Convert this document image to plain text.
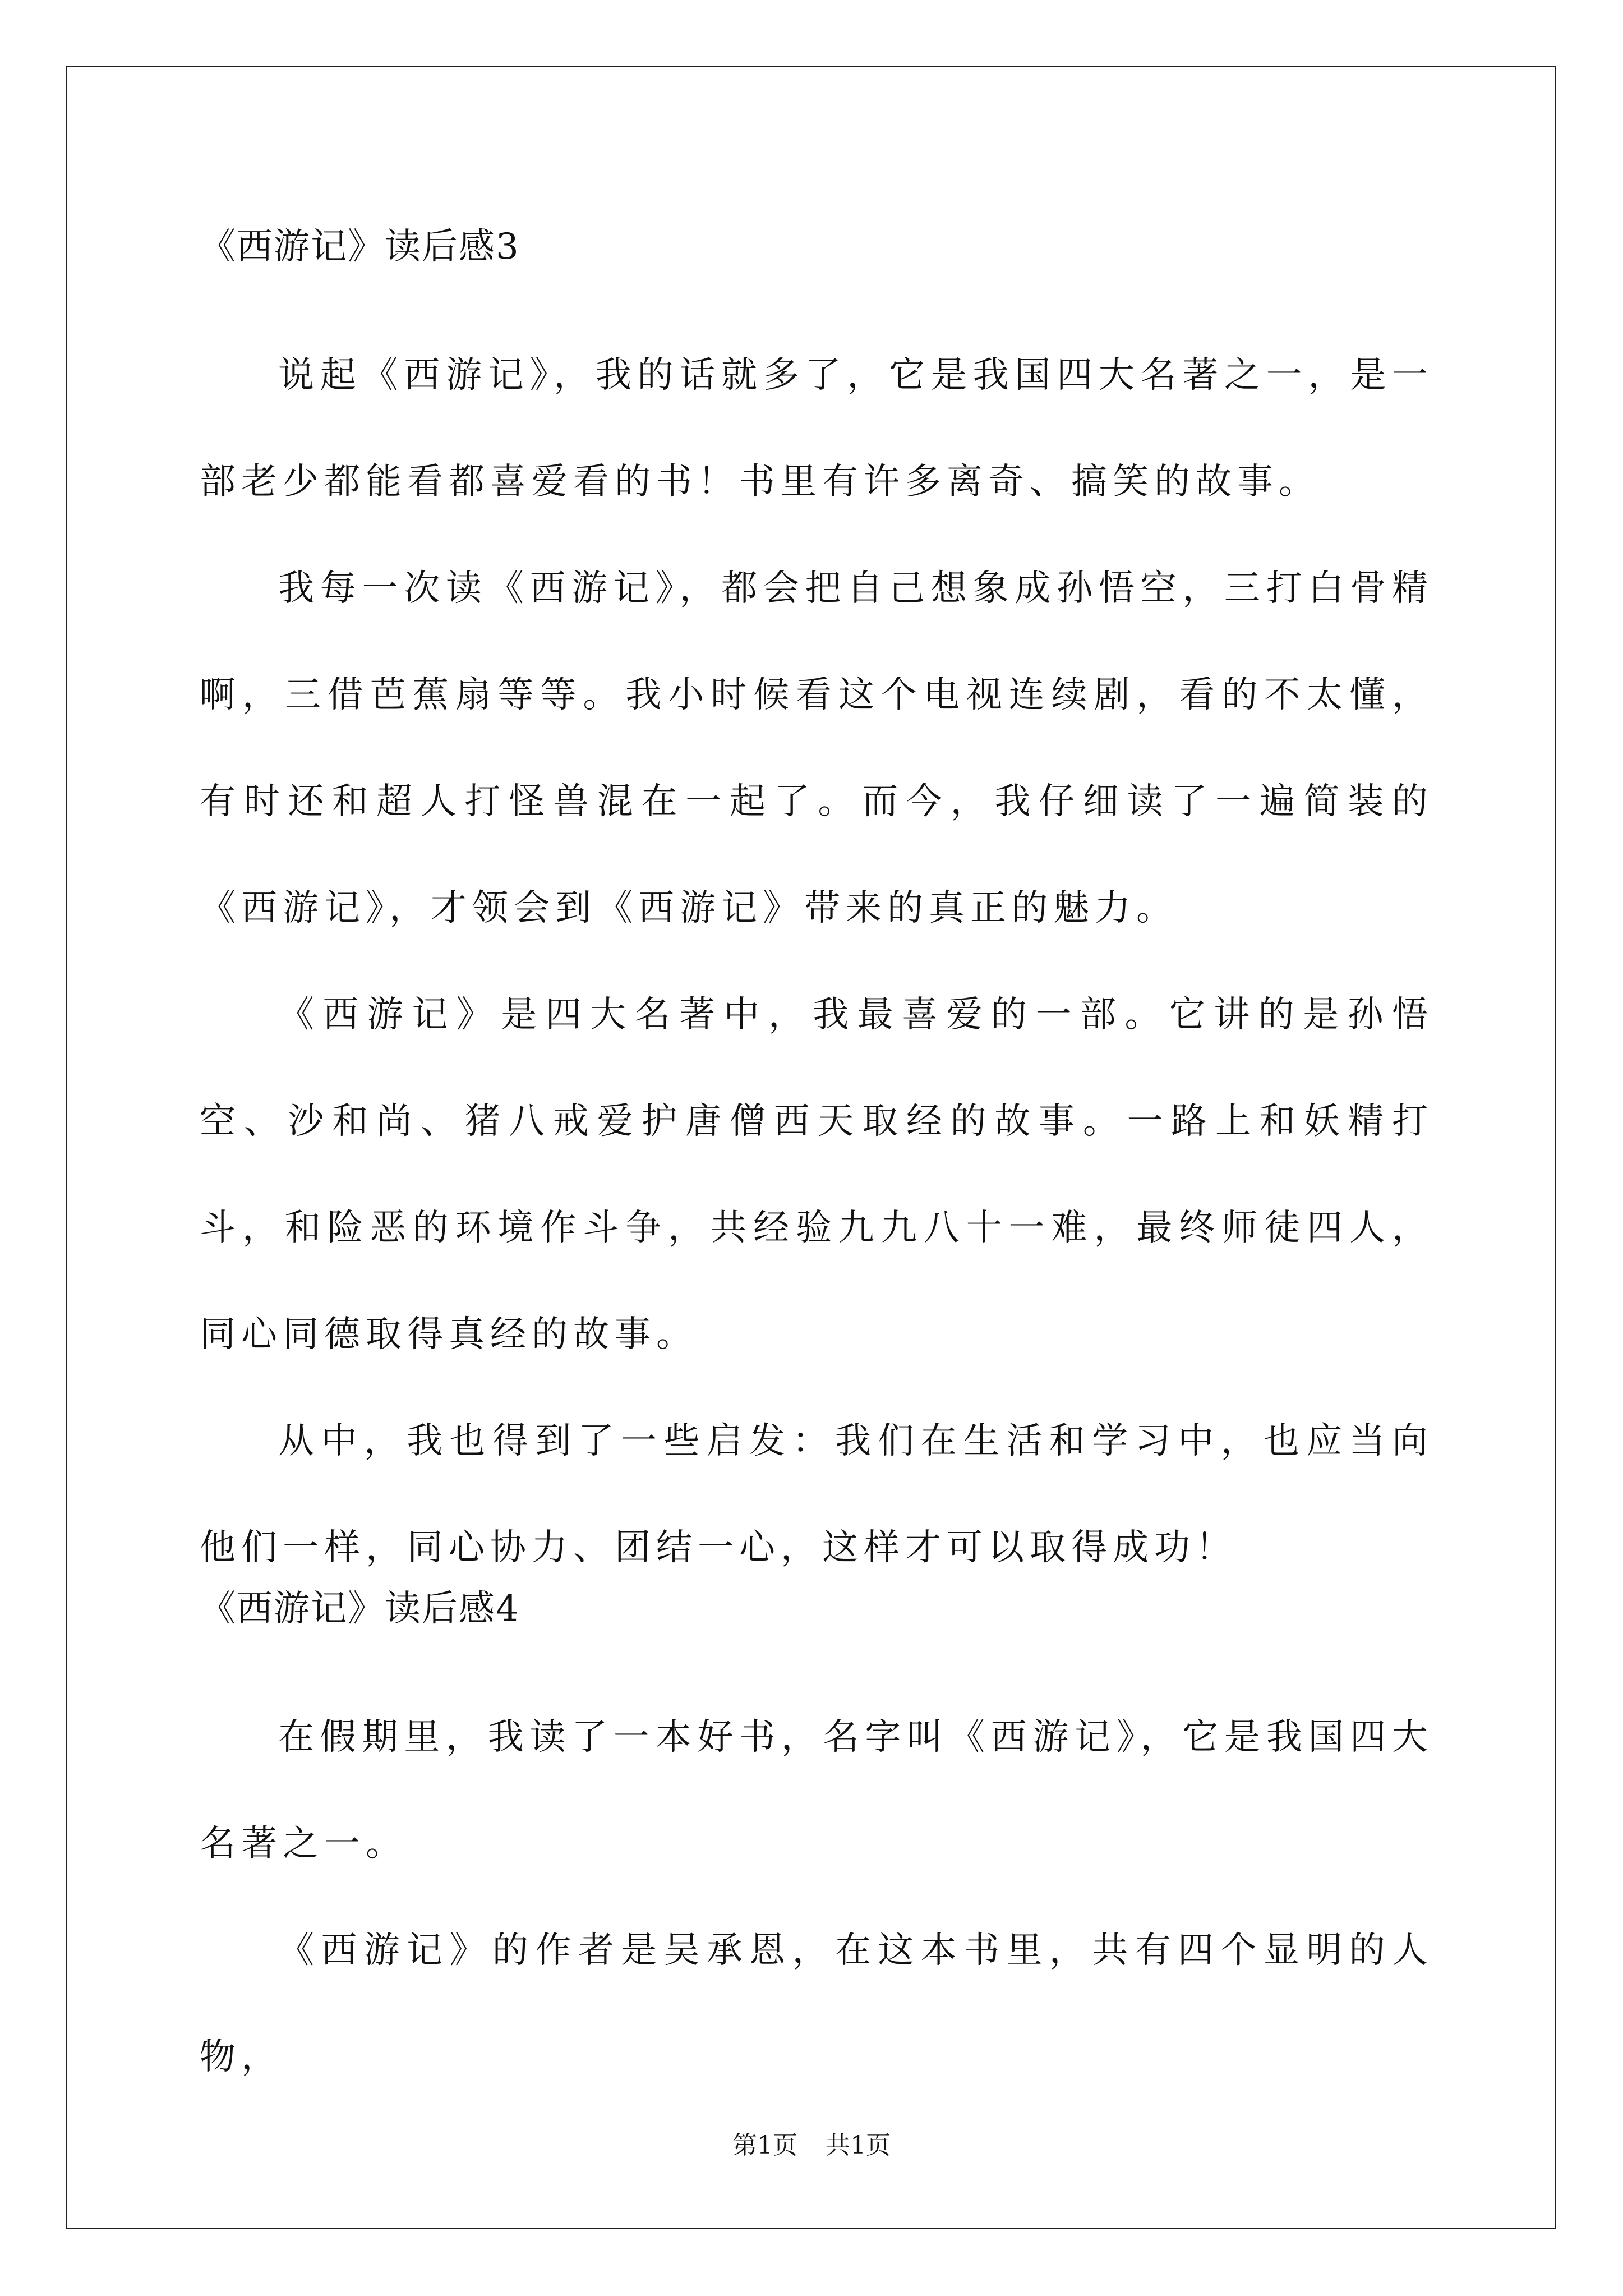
《西游记》读后感3

说起《西游记》，我的话就多了，它是我国四大名著之一，是一部老少都能看都喜爱看的书！书里有许多离奇、搞笑的故事。

我每一次读《西游记》，都会把自己想象成孙悟空，三打白骨精啊，三借芭蕉扇等等。我小时候看这个电视连续剧，看的不太懂，有时还和超人打怪兽混在一起了。而今，我仔细读了一遍简装的《西游记》，才领会到《西游记》带来的真正的魅力。

《西游记》是四大名著中，我最喜爱的一部。它讲的是孙悟空、沙和尚、猪八戒爱护唐僧西天取经的故事。一路上和妖精打斗，和险恶的环境作斗争，共经验九九八十一难，最终师徒四人，同心同德取得真经的故事。

从中，我也得到了一些启发：我们在生活和学习中，也应当向他们一样，同心协力、团结一心，这样才可以取得成功！

《西游记》读后感4

在假期里，我读了一本好书，名字叫《西游记》，它是我国四大名著之一。

《西游记》的作者是吴承恩，在这本书里，共有四个显明的人物，

第1页 共1页
